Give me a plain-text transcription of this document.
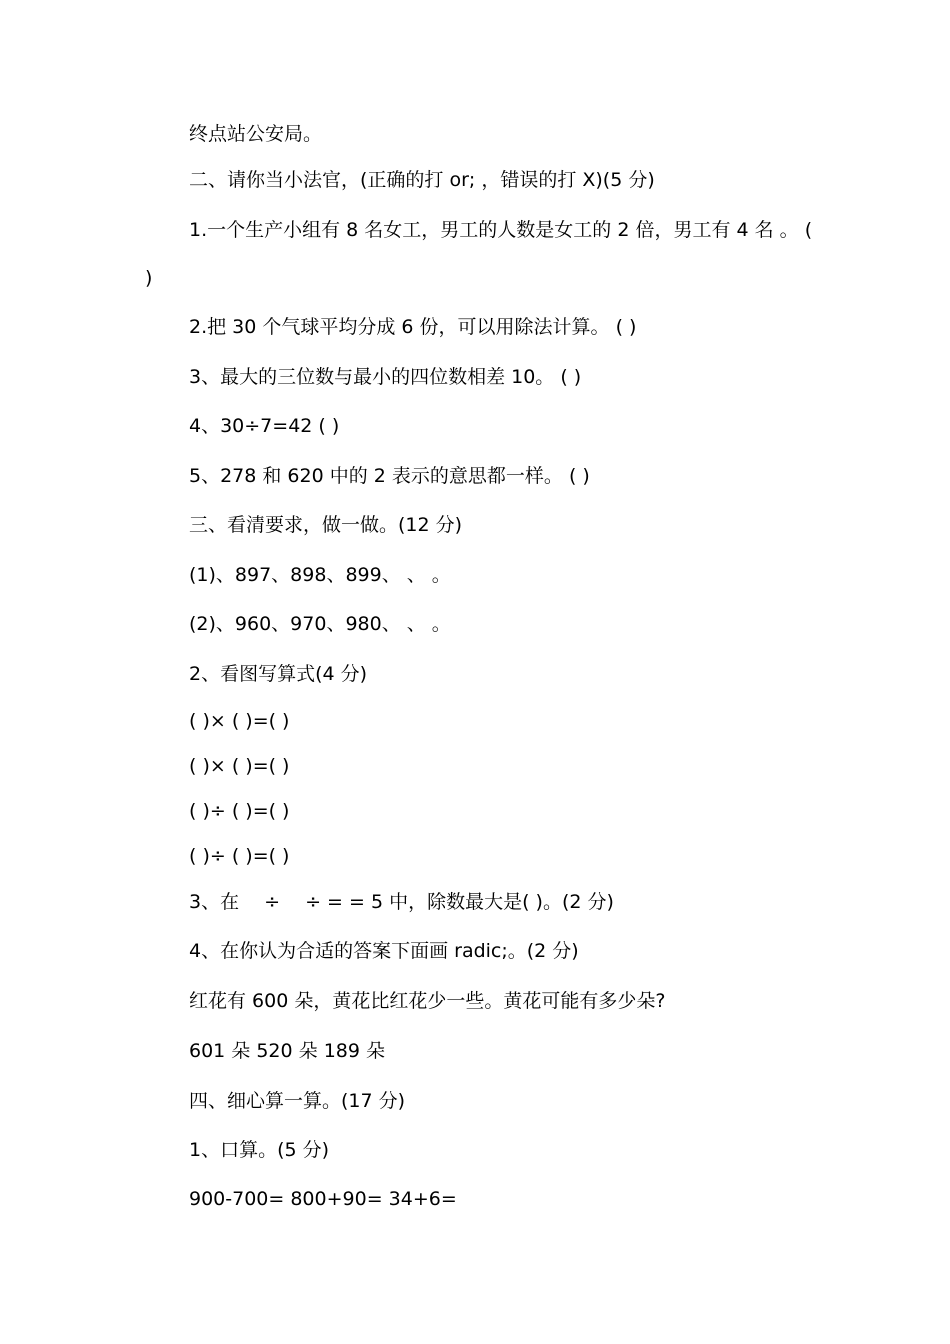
终点站公安局。
二、请你当小法官，(正确的打 or; ，错误的打 X)(5 分)
1.一个生产小组有 8 名女工，男工的人数是女工的 2 倍，男工有 4 名 。 ( )
2.把 30 个气球平均分成 6 份，可以用除法计算。 ( )
3、最大的三位数与最小的四位数相差 10。 ( )
4、30÷7=42 ( )
5、278 和 620 中的 2 表示的意思都一样。 ( )
三、看清要求，做一做。(12 分)
(1)、897、898、899、 、 。
(2)、960、970、980、 、 。
2、看图写算式(4 分)
( )× ( )=( )
( )× ( )=( )
( )÷ ( )=( )
( )÷ ( )=( )
3、在 　÷ 　÷ = = 5 中，除数最大是( )。(2 分)
4、在你认为合适的答案下面画 radic;。(2 分)
红花有 600 朵，黄花比红花少一些。黄花可能有多少朵?
601 朵 520 朵 189 朵
四、细心算一算。(17 分)
1、口算。(5 分)
900-700= 800+90= 34+6=
